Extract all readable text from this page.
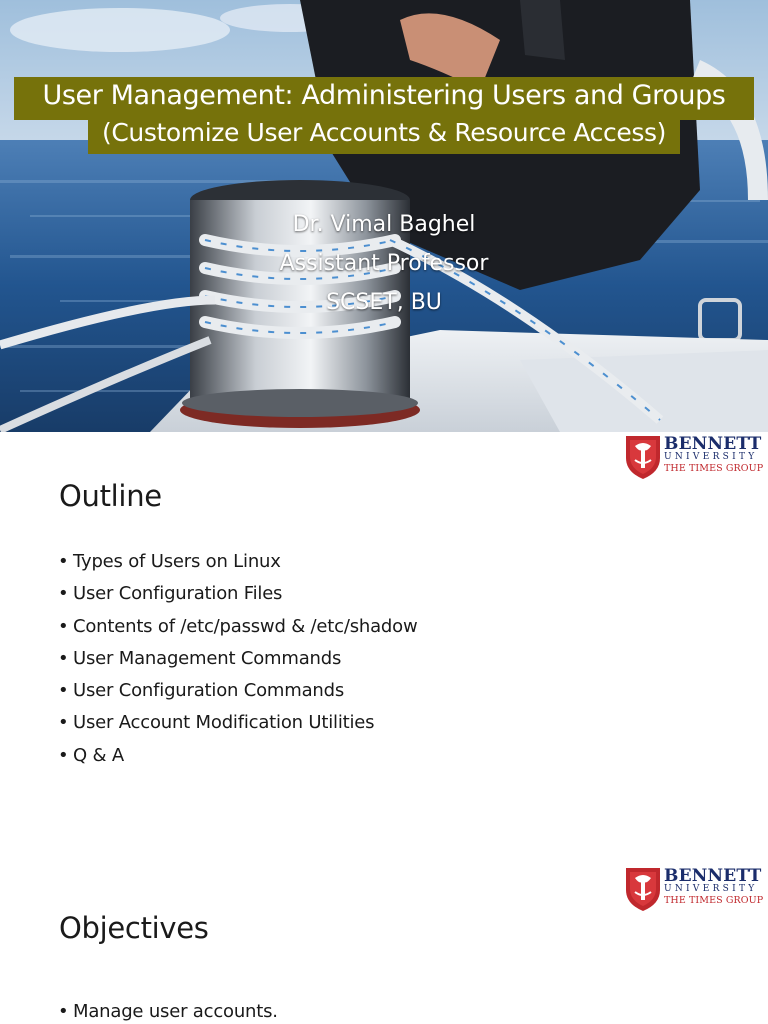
User Management: Administering Users and Groups
(Customize User Accounts & Resource Access)
Dr. Vimal Baghel
Assistant Professor
SCSET, BU
BENNETT
UNIVERSITY
THE TIMES GROUP
Outline
• Types of Users on Linux
• User Configuration Files
• Contents of /etc/passwd & /etc/shadow
• User Management Commands
• User Configuration Commands
• User Account Modification Utilities
• Q & A
BENNETT
UNIVERSITY
THE TIMES GROUP
Objectives
• Manage user accounts.
